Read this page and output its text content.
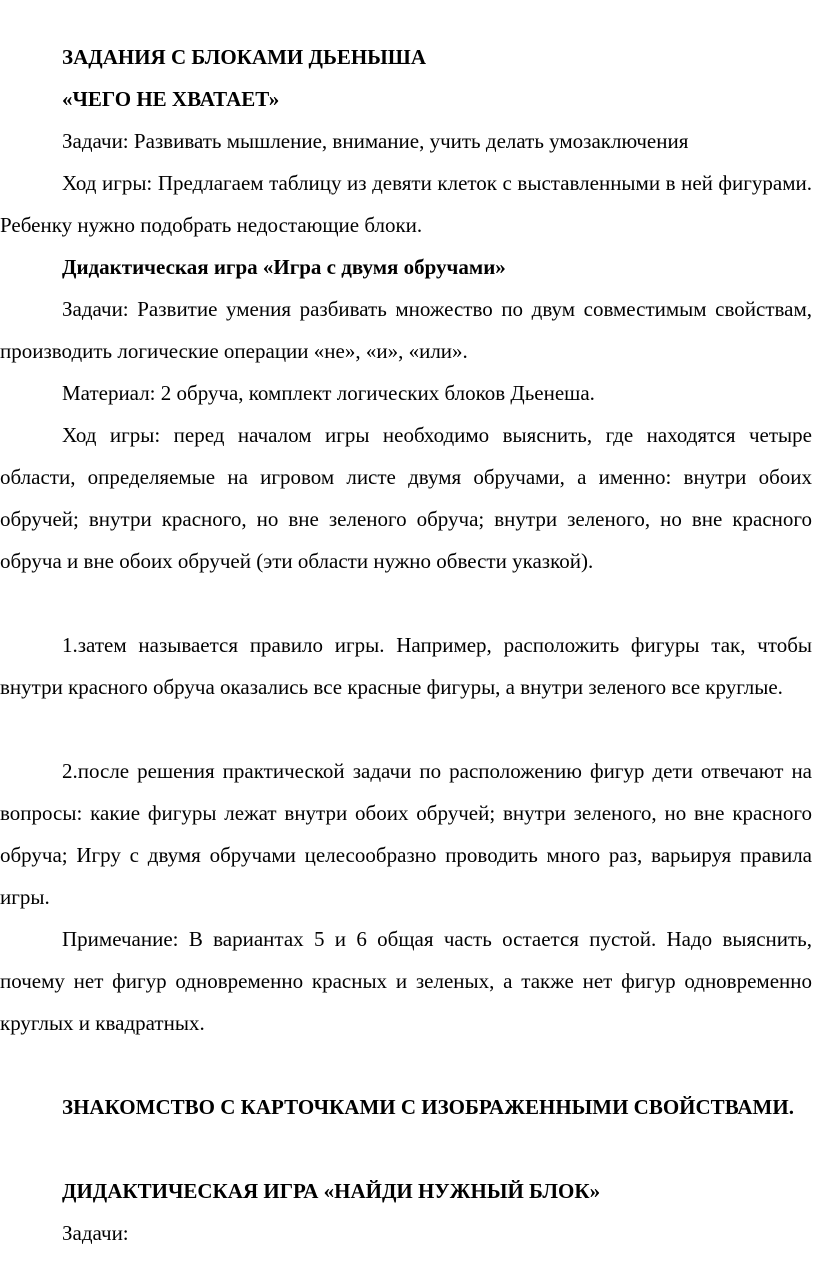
ЗАДАНИЯ С БЛОКАМИ ДЬЕНЫША

«ЧЕГО НЕ ХВАТАЕТ»

Задачи: Развивать мышление, внимание, учить делать умозаключения

Ход игры: Предлагаем таблицу из девяти клеток с выставленными в ней фигурами. Ребенку нужно подобрать недостающие блоки.

Дидактическая игра «Игра с двумя обручами»

Задачи: Развитие умения разбивать множество по двум совместимым свойствам, производить логические операции «не», «и», «или».

Материал: 2 обруча, комплект логических блоков Дьенеша.

Ход игры: перед началом игры необходимо выяснить, где находятся четыре области, определяемые на игровом листе двумя обручами, а именно: внутри обоих обручей; внутри красного, но вне зеленого обруча; внутри зеленого, но вне красного обруча и вне обоих обручей (эти области нужно обвести указкой).

1.затем называется правило игры. Например, расположить фигуры так, чтобы внутри красного обруча оказались все красные фигуры, а внутри зеленого все круглые.

2.после решения практической задачи по расположению фигур дети отвечают на вопросы: какие фигуры лежат внутри обоих обручей; внутри зеленого, но вне красного обруча; Игру с двумя обручами целесообразно проводить много раз, варьируя правила игры.

Примечание: В вариантах 5 и 6 общая часть остается пустой. Надо выяснить, почему нет фигур одновременно красных и зеленых, а также нет фигур одновременно круглых и квадратных.

ЗНАКОМСТВО С КАРТОЧКАМИ С ИЗОБРАЖЕННЫМИ СВОЙСТВАМИ.

ДИДАКТИЧЕСКАЯ ИГРА «НАЙДИ НУЖНЫЙ БЛОК»

Задачи:
